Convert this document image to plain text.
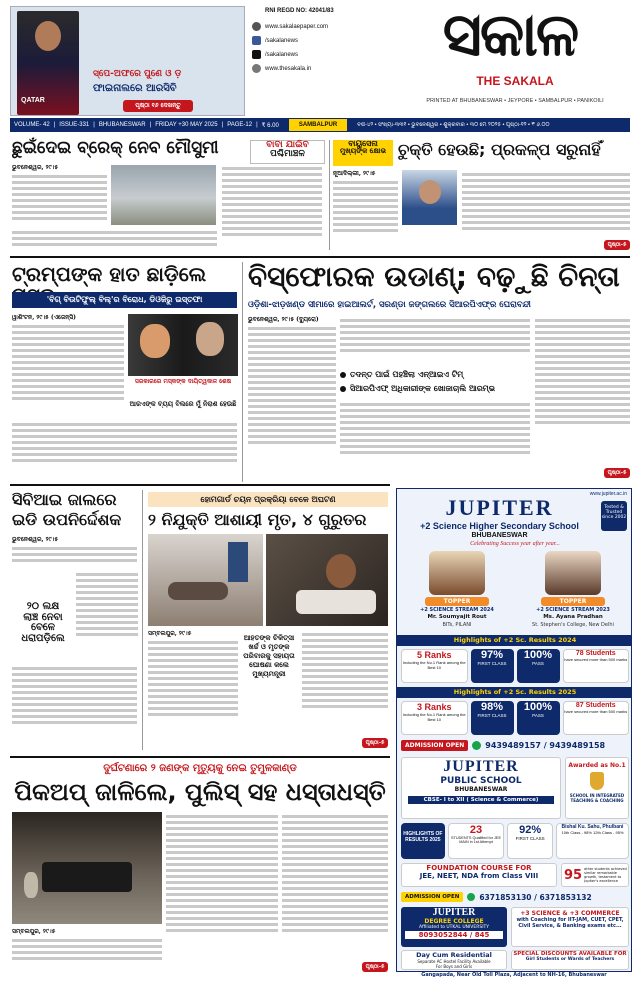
QATAR
ସ୍ପେ-ଅଫରେ ପୁଣେ ଓ ଡ଼
ଫାଇନାଲରେ ଆରସିବି
ପୃଷ୍ଠା ୧୬ ଦେଖନ୍ତୁ
RNI REGD NO: 42041/83
www.sakalaepaper.com
/sakalanews
/sakalanews
www.thesakala.in	ସକାଳ
THE SAKALA
PRINTED AT BHUBANESWAR • JEYPORE • SAMBALPUR • PANIKOILI
VOLUME- 42 | ISSUE-331 | BHUBANESWAR | FRIDAY +30 MAY 2025 | PAGE-12 | ₹ 6.00	SAMBALPUR	ବର୍ଷ-୪୨ • ସଂଖ୍ୟା-୩୩୧ • ଭୁବନେଶ୍ୱର • ଶୁକ୍ରବାର • ୩୦ ମେ ୨୦୨୫ • ପୃଷ୍ଠା-୧୨ • ₹ ୬.୦୦
ଛୁଇଁଦେଇ ବ୍ରେକ୍ ନେବ ମୌସୁମୀ
ଭୁବନେଶ୍ୱର, ୨୯।୫
ବାବା ଯାଇିବ
ପଶ୍ଚିମାଞ୍ଚଳ
ବାୟୁସେନା
ମୁଖ୍ୟଙ୍କ କ୍ଷୋଭ ଚୁକ୍ତି ହେଉଛି; ପ୍ରକଳ୍ପ ସରୁନାହିଁ
ନୂଆଦିଲ୍ଲୀ, ୨୯।୫
ପୃଷ୍ଠା-୫
ଟ୍ରମ୍ପଙ୍କ ହାତ ଛାଡ଼ିଲେ
'ବିଗ୍ ବିଉଟିଫୁଲ୍ ବିଲ୍'ର ବିରୋଧ, ଡିଓଜିରୁ ଇସ୍ତଫା
ୱାଶିଂଟନ, ୨୯।୫ (ଏଜେନ୍ସି)
ସରକାରରେ ମସ୍କଙ୍କ ଦାୟିତ୍ୱକାଳ ଶେଷ
ଆରଏଙ୍କ ବ୍ୟୟ ବିଲରେ ମୁଁ ନିରାଶ ହେଉଛି
ବିସ୍ଫୋରକ ଉଡାଣ୍; ବଢ଼ୁଛି ଚିନ୍ତା
ଓଡ଼ିଶା-ଝାଡ଼ଖଣ୍ଡ ସୀମାରେ ହାଇଆଲର୍ଟ, ସରଣ୍ଡା ଜଙ୍ଗଲରେ ସିଆରପିଏଫ୍‌ର ଘେରାବନ୍ଦୀ
ଭୁବନେଶ୍ୱର, ୨୯।୫ (ବ୍ୟୁରୋ)
ତଦନ୍ତ ପାଇଁ ପହଞ୍ଚିଲା ଏନ୍‌ଆଇଏ ଟିମ୍
ସିଆରପିଏଫ୍ ଅଧିକାରୀଙ୍କ ଖୋଜାଚାଲି ଆରମ୍ଭ
ପୃଷ୍ଠା-୫
ସିବିଆଇ ଜାଲରେ
ଇଡି ଉପନିର୍ଦ୍ଦେଶକ
ଭୁବନେଶ୍ୱର, ୨୯।୫
୨୦ ଲକ୍ଷ
ଲାଞ୍ଚ ନେବା
ବେଳେ
ଧରାପଡ଼ିଲେ
ହୋମଗାର୍ଡ ଚୟନ ପ୍ରକ୍ରିୟା ବେଳେ ଅଘଟଣ
୨ ନିଯୁକ୍ତି ଆଶାୟୀ ମୃତ, ୪ ଗୁରୁତର
ସମ୍ବଲପୁର, ୨୯।୫
ଆହତଙ୍କ ଚିକିତ୍ସା ଖର୍ଚ୍ଚ ଓ ମୃତଙ୍କ ପରିବାରକୁ ସହାୟତା ଘୋଷଣା କଲେ ମୁଖ୍ୟମନ୍ତ୍ରୀ
ପୃଷ୍ଠା-୫
ଦୁର୍ଘଟଣାରେ ୨ ଜଣଙ୍କ ମୃତ୍ୟୁକୁ ନେଇ ତୁମୁଳକାଣ୍ଡ
ପିକଅପ୍ ଜାଳିଲେ, ପୁଲିସ୍ ସହ ଧସ୍ତାଧସ୍ତି
ସମ୍ବଲପୁର, ୨୯।୫
ପୃଷ୍ଠା-୫
www.jupiter.ac.in
JUPITER	Tested & Trusted since 2002
+2 Science Higher Secondary School
BHUBANESWAR
Celebrating Success year after year...
TOPPER
+2 SCIENCE STREAM 2024
Mr. Soumyajit Rout
BITs, PILANI
TOPPER
+2 SCIENCE STREAM 2023
Ms. Ayana Pradhan
St. Stephen's College, New Delhi
Highlights of +2 Sc. Results 2024
5 Ranks
Including the No.1 Rank among the Best 10
97%
FIRST CLASS
100%
PASS
78 Students
have secured more than 500 marks
Highlights of +2 Sc. Results 2025
3 Ranks
Including the No.1 Rank among the Best 10
98%
FIRST CLASS
100%
PASS
87 Students
have secured more than 500 marks
ADMISSION OPEN	9439489157 / 9439489158
JUPITER
PUBLIC SCHOOL
BHUBANESWAR
CBSE- I to XII ( Science & Commerce)
Awarded as No.1
SCHOOL IN INTEGRATED TEACHING & COACHING
HIGHLIGHTS OF RESULTS 2025
23
STUDENTS Qualified for JEE MAIN in 1st Attempt
92%
FIRST CLASS
Bishal Ku. Sahu, Phulbani
10th Class - 98% 12th Class - 95%
FOUNDATION COURSE FOR
JEE, NEET, NDA from Class VIII	95 other students achieved similar remarkable growth, testament to Jupiter's excellence
ADMISSION OPEN	6371853130 / 6371853132
JUPITER
DEGREE COLLEGE
Affiliated to UTKAL UNIVERSITY
8093052844 / 845
+3 SCIENCE & +3 COMMERCE
with Coaching for IIT-JAM, CUET, CPET, Civil Service, & Banking exams etc...
Day Cum Residential
Separate AC Hostel Facility Available
For Boys and Girls
SPECIAL DISCOUNTS AVAILABLE FOR
Girl Students or Wards of Teachers
Gangapada, Near Old Toll Plaza, Adjacent to NH-16, Bhubaneswar
